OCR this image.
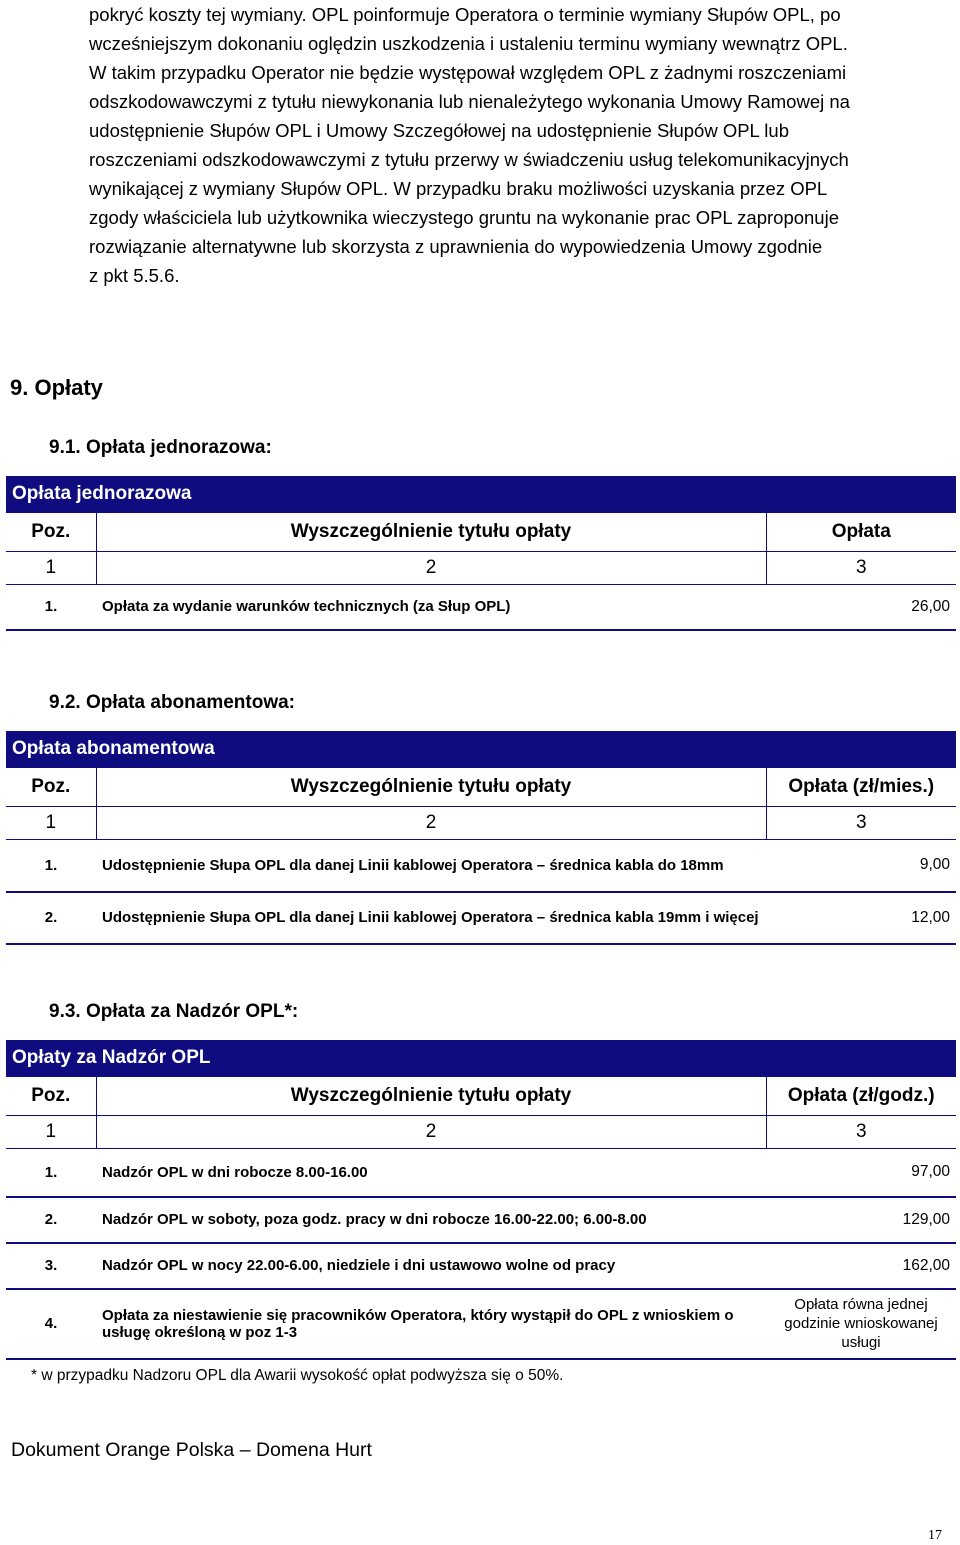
pokryć koszty tej wymiany. OPL poinformuje Operatora o terminie wymiany Słupów OPL, po
wcześniejszym dokonaniu oględzin uszkodzenia i ustaleniu terminu wymiany wewnątrz OPL.
W takim przypadku Operator nie będzie występował względem OPL z żadnymi roszczeniami
odszkodowawczymi z tytułu niewykonania lub nienależytego wykonania Umowy Ramowej na
udostępnienie Słupów OPL i Umowy Szczegółowej na udostępnienie Słupów OPL lub
roszczeniami odszkodowawczymi z tytułu przerwy w świadczeniu usług telekomunikacyjnych
wynikającej z wymiany Słupów OPL. W przypadku braku możliwości uzyskania przez OPL
zgody właściciela lub użytkownika wieczystego gruntu na wykonanie prac OPL zaproponuje
rozwiązanie alternatywne lub skorzysta z uprawnienia do wypowiedzenia Umowy zgodnie
z pkt 5.5.6.
9. Opłaty
9.1. Opłata jednorazowa:
Opłata jednorazowa		
Poz.	Wyszczególnienie tytułu opłaty	Opłata
1	2	3
1.	Opłata za wydanie warunków technicznych (za Słup OPL)	26,00
9.2. Opłata abonamentowa:
Opłata abonamentowa		
Poz.	Wyszczególnienie tytułu opłaty	Opłata (zł/mies.)
1	2	3
1.	Udostępnienie Słupa OPL dla danej Linii kablowej Operatora – średnica kabla do 18mm	9,00
2.	Udostępnienie Słupa OPL dla danej Linii kablowej Operatora – średnica kabla 19mm i więcej	12,00
9.3. Opłata za Nadzór OPL*:
Opłaty za Nadzór OPL		
Poz.	Wyszczególnienie tytułu opłaty	Opłata (zł/godz.)
1	2	3
1.	Nadzór OPL w dni robocze 8.00-16.00	97,00
2.	Nadzór OPL w soboty, poza godz. pracy w dni robocze 16.00-22.00; 6.00-8.00	129,00
3.	Nadzór OPL w nocy 22.00-6.00, niedziele i dni ustawowo wolne od pracy	162,00
4.	Opłata za niestawienie się pracowników Operatora, który wystąpił do OPL z wnioskiem o usługę określoną w poz 1-3	Opłata równa jednej godzinie wnioskowanej usługi

* w przypadku Nadzoru OPL dla Awarii wysokość opłat podwyższa się o 50%.

Dokument Orange Polska – Domena Hurt

17
